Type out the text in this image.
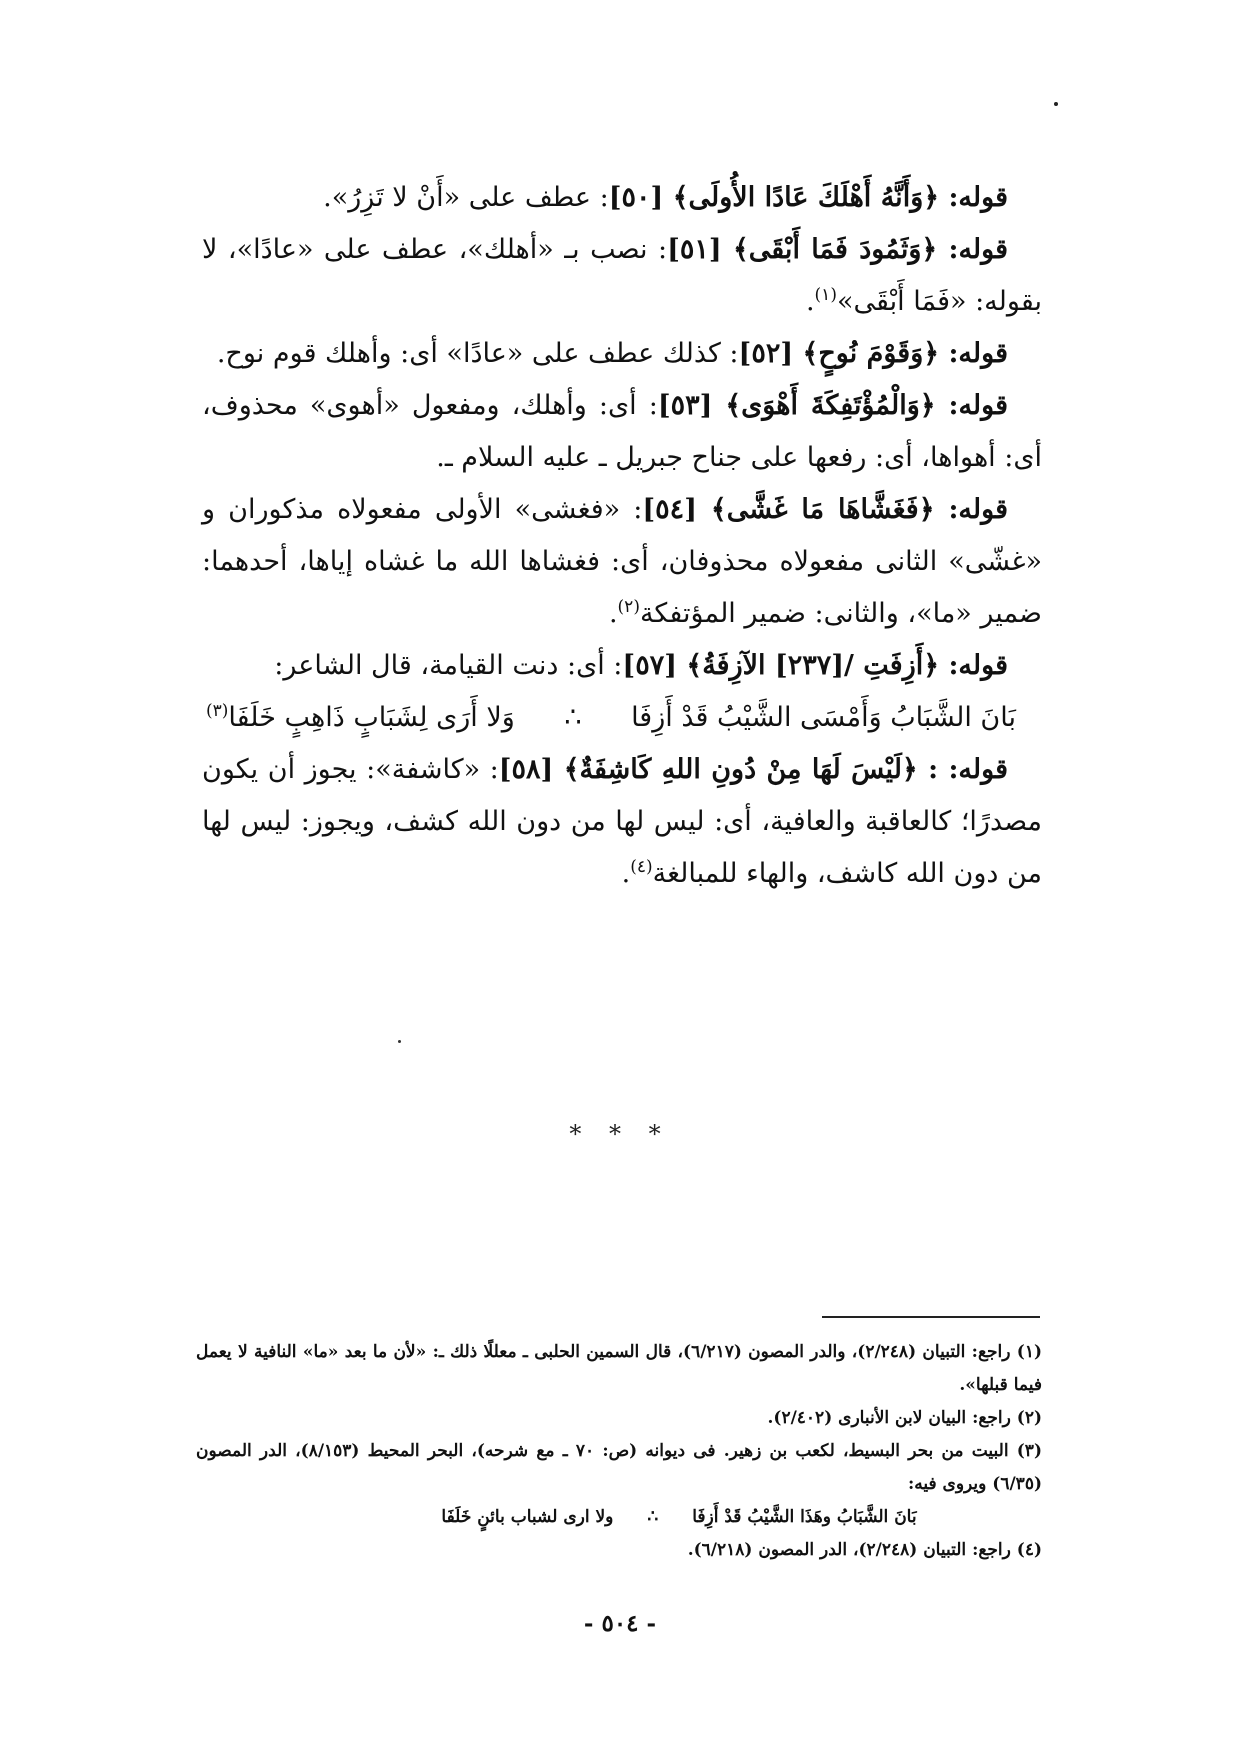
قوله: ﴿وَأَنَّهُ أَهْلَكَ عَادًا الأُولَى﴾ [٥٠]: عطف على «أَنْ لا تَزِرُ».

قوله: ﴿وَثَمُودَ فَمَا أَبْقَى﴾ [٥١]: نصب بـ «أهلك»، عطف على «عادًا»، لا بقوله: «فَمَا أَبْقَى»$^{(١)}$.

قوله: ﴿وَقَوْمَ نُوحٍ﴾ [٥٢]: كذلك عطف على «عادًا» أى: وأهلك قوم نوح.

قوله: ﴿وَالْمُؤْتَفِكَةَ أَهْوَى﴾ [٥٣]: أى: وأهلك، ومفعول «أهوى» محذوف، أى: أهواها، أى: رفعها على جناح جبريل ـ عليه السلام ـ.

قوله: ﴿فَغَشَّاهَا مَا غَشَّى﴾ [٥٤]: «فغشى» الأولى مفعولاه مذكوران و «غشّى» الثانى مفعولاه محذوفان، أى: فغشاها الله ما غشاه إياها، أحدهما: ضمير «ما»، والثانى: ضمير المؤتفكة$^{(٢)}$.

قوله: ﴿أَزِفَتِ /[٢٣٧] الآزِفَةُ﴾ [٥٧]: أى: دنت القيامة، قال الشاعر:

بَانَ الشَّبَابُ وَأَمْسَى الشَّيْبُ قَدْ أَزِفَا
∴
وَلا أَرَى لِشَبَابٍ ذَاهِبٍ خَلَفَا$^{(٣)}$

قوله: : ﴿لَيْسَ لَهَا مِنْ دُونِ اللهِ كَاشِفَةٌ﴾ [٥٨]: «كاشفة»: يجوز أن يكون مصدرًا؛ كالعاقبة والعافية، أى: ليس لها من دون الله كشف، ويجوز: ليس لها من دون الله كاشف، والهاء للمبالغة$^{(٤)}$.

* * *

(١) راجع: التبيان (٢/٢٤٨)، والدر المصون (٦/٢١٧)، قال السمين الحلبى ـ معللًا ذلك ـ: «لأن ما بعد «ما» النافية لا يعمل فيما قبلها».

(٢) راجع: البيان لابن الأنبارى (٢/٤٠٢).

(٣) البيت من بحر البسيط، لكعب بن زهير. فى ديوانه (ص: ٧٠ ـ مع شرحه)، البحر المحيط (٨/١٥٣)، الدر المصون (٦/٣٥) ويروى فيه:

بَانَ الشَّبَابُ وهَذَا الشَّيْبُ قَدْ أَزِفَا
∴
ولا ارى لشباب بائنٍ خَلَفَا

(٤) راجع: التبيان (٢/٢٤٨)، الدر المصون (٦/٢١٨).

- ٥٠٤ -
